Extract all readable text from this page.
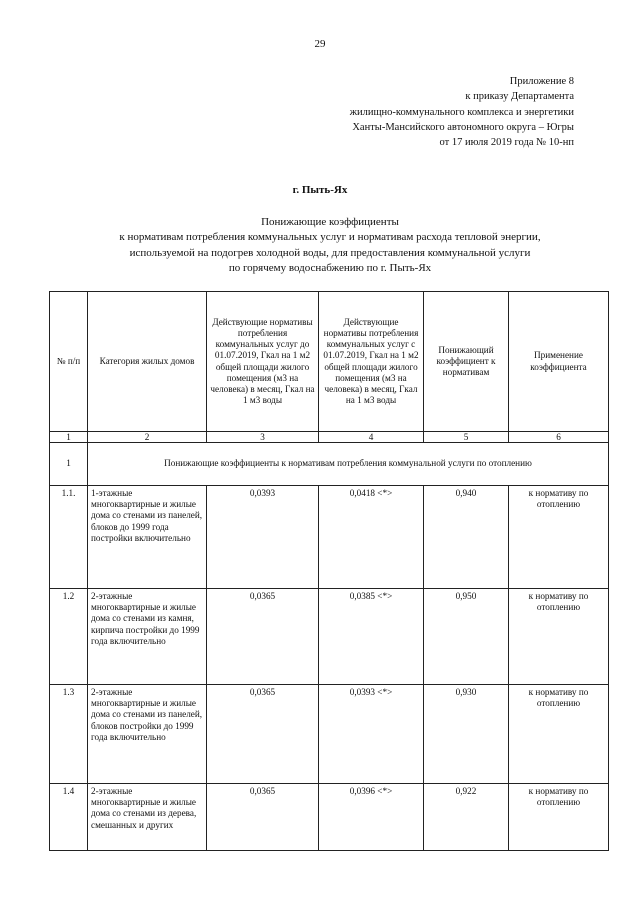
29
Приложение 8
к приказу Департамента
жилищно-коммунального комплекса и энергетики
Ханты-Мансийского автономного округа – Югры
от 17 июля 2019 года № 10-нп
г. Пыть-Ях
Понижающие коэффициенты
к нормативам потребления коммунальных услуг и нормативам расхода тепловой энергии,
используемой на подогрев холодной воды, для предоставления коммунальной услуги
по горячему водоснабжению по г. Пыть-Ях
№ п/п	Категория жилых домов	Действующие нормативы потребления коммунальных услуг до 01.07.2019, Гкал на 1 м2 общей площади жилого помещения (м3 на человека) в месяц, Гкал на 1 м3 воды	Действующие нормативы потребления коммунальных услуг с 01.07.2019, Гкал на 1 м2 общей площади жилого помещения (м3 на человека) в месяц, Гкал на 1 м3 воды	Понижающий коэффициент к нормативам	Применение коэффициента
1	2	3	4	5	6
1	Понижающие коэффициенты к нормативам потребления коммунальной услуги по отоплению				
1.1.	1-этажные многоквартирные и жилые дома со стенами из панелей, блоков до 1999 года постройки включительно	0,0393	0,0418 <*>	0,940	к нормативу по отоплению
1.2	2-этажные многоквартирные и жилые дома со стенами из камня, кирпича постройки до 1999 года включительно	0,0365	0,0385 <*>	0,950	к нормативу по отоплению
1.3	2-этажные многоквартирные и жилые дома со стенами из панелей, блоков постройки до 1999 года включительно	0,0365	0,0393 <*>	0,930	к нормативу по отоплению
1.4	2-этажные многоквартирные и жилые дома со стенами из дерева, смешанных и других	0,0365	0,0396 <*>	0,922	к нормативу по отоплению
